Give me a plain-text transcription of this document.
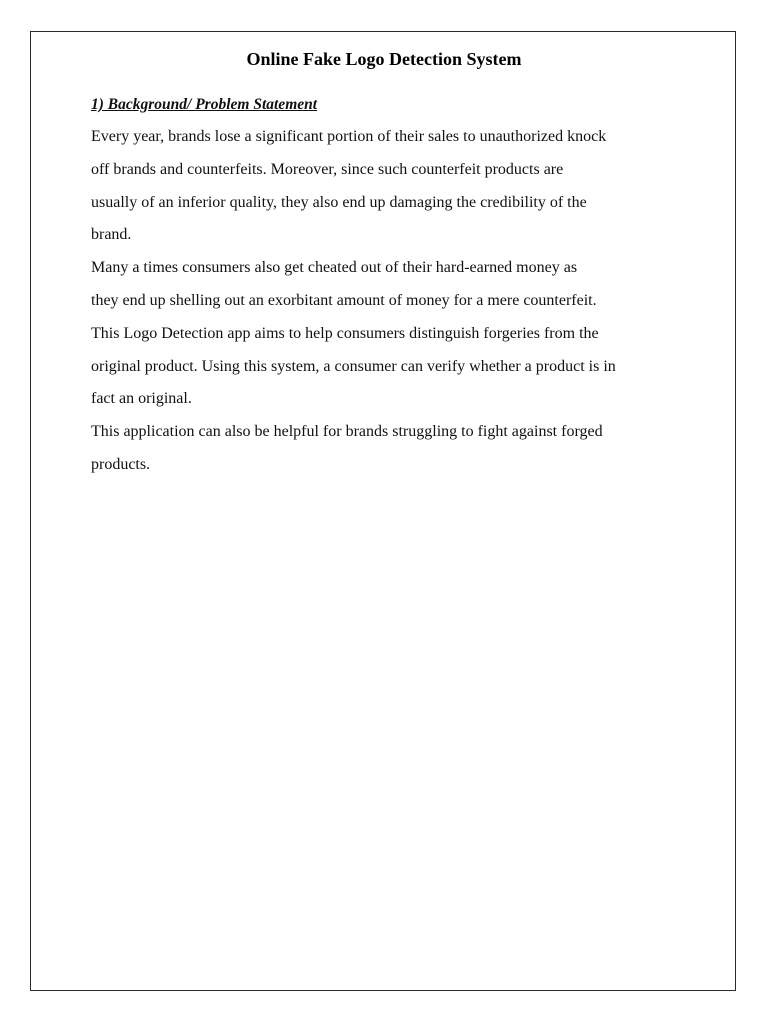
Online Fake Logo Detection System
1) Background/ Problem Statement

Every year, brands lose a significant portion of their sales to unauthorized knock
off brands and counterfeits. Moreover, since such counterfeit products are
usually of an inferior quality, they also end up damaging the credibility of the
brand.

Many a times consumers also get cheated out of their hard-earned money as
they end up shelling out an exorbitant amount of money for a mere counterfeit.
This Logo Detection app aims to help consumers distinguish forgeries from the
original product. Using this system, a consumer can verify whether a product is in
fact an original.

This application can also be helpful for brands struggling to fight against forged
products.
